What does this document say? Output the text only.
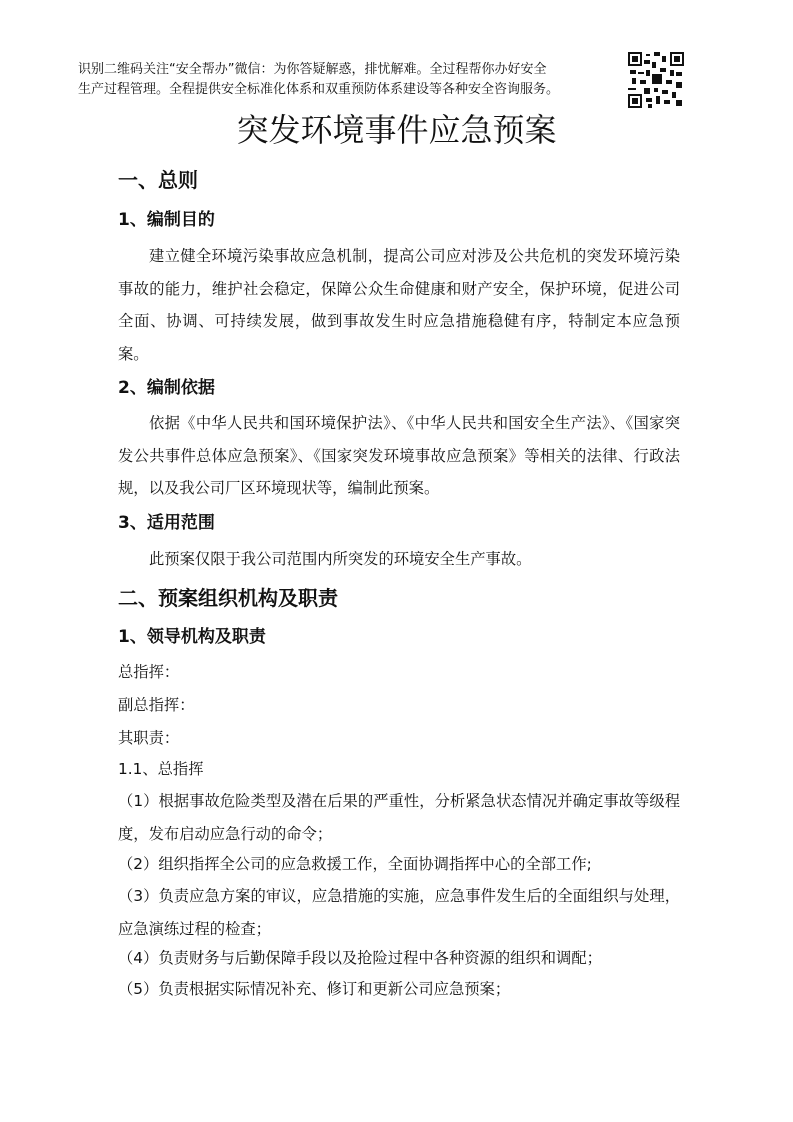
识别二维码关注“安全帮办”微信：为你答疑解惑，排忧解难。全过程帮你办好安全
生产过程管理。全程提供安全标准化体系和双重预防体系建设等各种安全咨询服务。
突发环境事件应急预案
一、总则
1、编制目的
建立健全环境污染事故应急机制，提高公司应对涉及公共危机的突发环境污染事故的能力，维护社会稳定，保障公众生命健康和财产安全，保护环境，促进公司全面、协调、可持续发展，做到事故发生时应急措施稳健有序，特制定本应急预案。
2、编制依据
依据《中华人民共和国环境保护法》、《中华人民共和国安全生产法》、《国家突发公共事件总体应急预案》、《国家突发环境事故应急预案》等相关的法律、行政法规，以及我公司厂区环境现状等，编制此预案。
3、适用范围
此预案仅限于我公司范围内所突发的环境安全生产事故。
二、预案组织机构及职责
1、领导机构及职责
总指挥：
副总指挥：
其职责：
1.1、总指挥
（1）根据事故危险类型及潜在后果的严重性，分析紧急状态情况并确定事故等级程度，发布启动应急行动的命令；
（2）组织指挥全公司的应急救援工作，全面协调指挥中心的全部工作;
（3）负责应急方案的审议，应急措施的实施，应急事件发生后的全面组织与处理，应急演练过程的检查；
（4）负责财务与后勤保障手段以及抢险过程中各种资源的组织和调配；
（5）负责根据实际情况补充、修订和更新公司应急预案；
